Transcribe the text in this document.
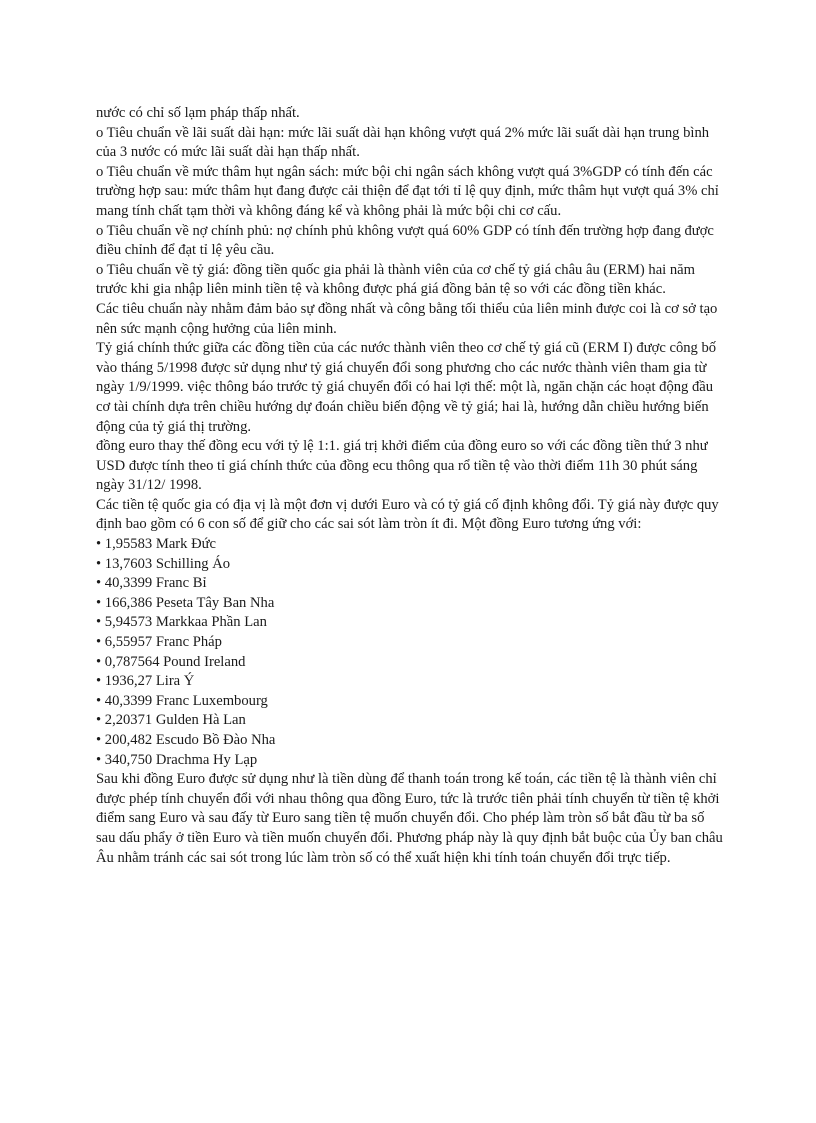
nước có chỉ số lạm pháp thấp nhất.

o Tiêu chuẩn về lãi suất dài hạn: mức lãi suất dài hạn không vượt quá 2% mức lãi suất dài hạn trung bình của 3 nước có mức lãi suất dài hạn thấp nhất.

o Tiêu chuẩn về mức thâm hụt ngân sách: mức bội chi ngân sách không vượt quá 3%GDP có tính đến các trường hợp sau: mức thâm hụt đang được cải thiện để đạt tới tỉ lệ quy định, mức thâm hụt vượt quá 3% chỉ mang tính chất tạm thời và không đáng kể và không phải là mức bội chi cơ cấu.

o Tiêu chuẩn về nợ chính phủ: nợ chính phủ không vượt quá 60% GDP có tính đến trường hợp đang được điều chỉnh để đạt tỉ lệ yêu cầu.

o Tiêu chuẩn về tỷ giá: đồng tiền quốc gia phải là thành viên của cơ chế tỷ giá châu âu (ERM) hai năm trước khi gia nhập liên minh tiền tệ và không được phá giá đồng bản tệ so với các đồng tiền khác.

Các tiêu chuẩn này nhằm đảm bảo sự đồng nhất và công bằng tối thiểu của liên minh được coi là cơ sở tạo nên sức mạnh cộng hưởng của liên minh.

Tỷ giá chính thức giữa các đồng tiền của các nước thành viên theo cơ chế tỷ giá cũ (ERM I) được công bố vào tháng 5/1998 được sử dụng như tỷ giá chuyển đổi song phương cho các nước thành viên tham gia từ ngày 1/9/1999. việc thông báo trước tỷ giá chuyển đổi có hai lợi thế: một là, ngăn chặn các hoạt động đầu cơ tài chính dựa trên chiều hướng dự đoán chiều biến động về tỷ giá; hai là, hướng dẫn chiều hướng biến động của tỷ giá thị trường.

đồng euro thay thế đồng ecu với tỷ lệ 1:1. giá trị khởi điểm của đồng euro so với các đồng tiền thứ 3 như USD được tính theo tỉ giá chính thức của đồng ecu thông qua rổ tiền tệ vào thời điểm 11h 30 phút sáng ngày 31/12/ 1998.

Các tiền tệ quốc gia có địa vị là một đơn vị dưới Euro và có tỷ giá cố định không đổi. Tỷ giá này được quy định bao gồm có 6 con số để giữ cho các sai sót làm tròn ít đi. Một đồng Euro tương ứng với:

• 1,95583 Mark Đức
• 13,7603 Schilling Áo
• 40,3399 Franc Bỉ
• 166,386 Peseta Tây Ban Nha
• 5,94573 Markkaa Phần Lan
• 6,55957 Franc Pháp
• 0,787564 Pound Ireland
• 1936,27 Lira Ý
• 40,3399 Franc Luxembourg
• 2,20371 Gulden Hà Lan
• 200,482 Escudo Bồ Đào Nha
• 340,750 Drachma Hy Lạp

Sau khi đồng Euro được sử dụng như là tiền dùng để thanh toán trong kế toán, các tiền tệ là thành viên chỉ được phép tính chuyển đổi với nhau thông qua đồng Euro, tức là trước tiên phải tính chuyển từ tiền tệ khởi điểm sang Euro và sau đấy từ Euro sang tiền tệ muốn chuyển đổi. Cho phép làm tròn số bắt đầu từ ba số sau dấu phẩy ở tiền Euro và tiền muốn chuyển đổi. Phương pháp này là quy định bắt buộc của Ủy ban châu Âu nhằm tránh các sai sót trong lúc làm tròn số có thể xuất hiện khi tính toán chuyển đổi trực tiếp.
